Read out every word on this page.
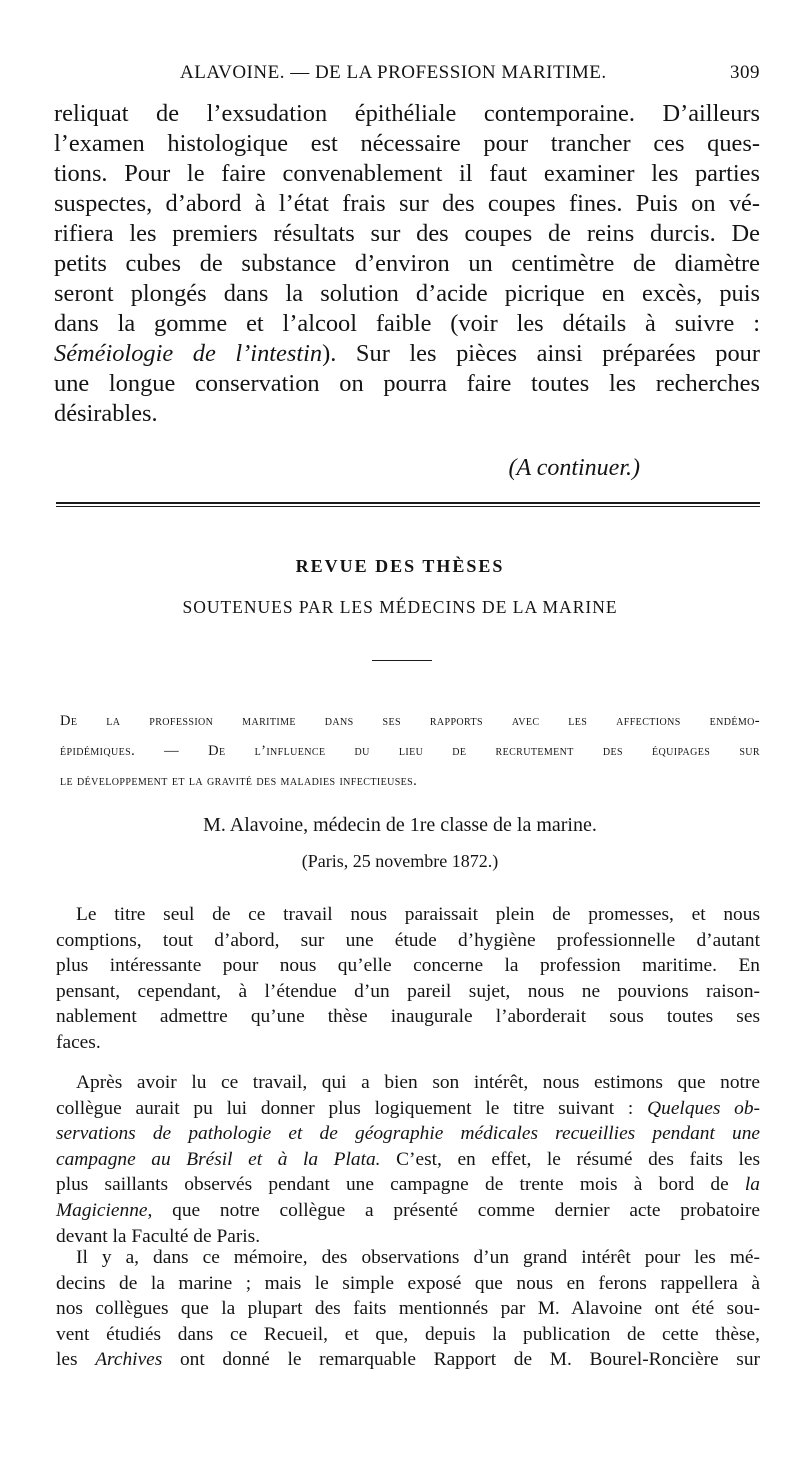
ALAVOINE. — DE LA PROFESSION MARITIME.	309

reliquat de l’exsudation épithéliale contemporaine. D’ailleurs
l’examen histologique est nécessaire pour trancher ces ques-
tions. Pour le faire convenablement il faut examiner les parties
suspectes, d’abord à l’état frais sur des coupes fines. Puis on vé-
rifiera les premiers résultats sur des coupes de reins durcis. De
petits cubes de substance d’environ un centimètre de diamètre
seront plongés dans la solution d’acide picrique en excès, puis
dans la gomme et l’alcool faible (voir les détails à suivre :
Séméiologie de l’intestin). Sur les pièces ainsi préparées pour
une longue conservation on pourra faire toutes les recherches
désirables.

(A continuer.)
REVUE DES THÈSES
SOUTENUES PAR LES MÉDECINS DE LA MARINE

De la profession maritime dans ses rapports avec les affections endémo-
épidémiques. — De l’influence du lieu de recrutement des équipages sur
le développement et la gravité des maladies infectieuses.

M. Alavoine, médecin de 1re classe de la marine.
(Paris, 25 novembre 1872.)

Le titre seul de ce travail nous paraissait plein de promesses, et nous
comptions, tout d’abord, sur une étude d’hygiène professionnelle d’autant
plus intéressante pour nous qu’elle concerne la profession maritime. En
pensant, cependant, à l’étendue d’un pareil sujet, nous ne pouvions raison-
nablement admettre qu’une thèse inaugurale l’aborderait sous toutes ses
faces.

Après avoir lu ce travail, qui a bien son intérêt, nous estimons que notre
collègue aurait pu lui donner plus logiquement le titre suivant : Quelques ob-
servations de pathologie et de géographie médicales recueillies pendant une
campagne au Brésil et à la Plata. C’est, en effet, le résumé des faits les
plus saillants observés pendant une campagne de trente mois à bord de la
Magicienne, que notre collègue a présenté comme dernier acte probatoire
devant la Faculté de Paris.

Il y a, dans ce mémoire, des observations d’un grand intérêt pour les mé-
decins de la marine ; mais le simple exposé que nous en ferons rappellera à
nos collègues que la plupart des faits mentionnés par M. Alavoine ont été sou-
vent étudiés dans ce Recueil, et que, depuis la publication de cette thèse,
les Archives ont donné le remarquable Rapport de M. Bourel-Roncière sur
